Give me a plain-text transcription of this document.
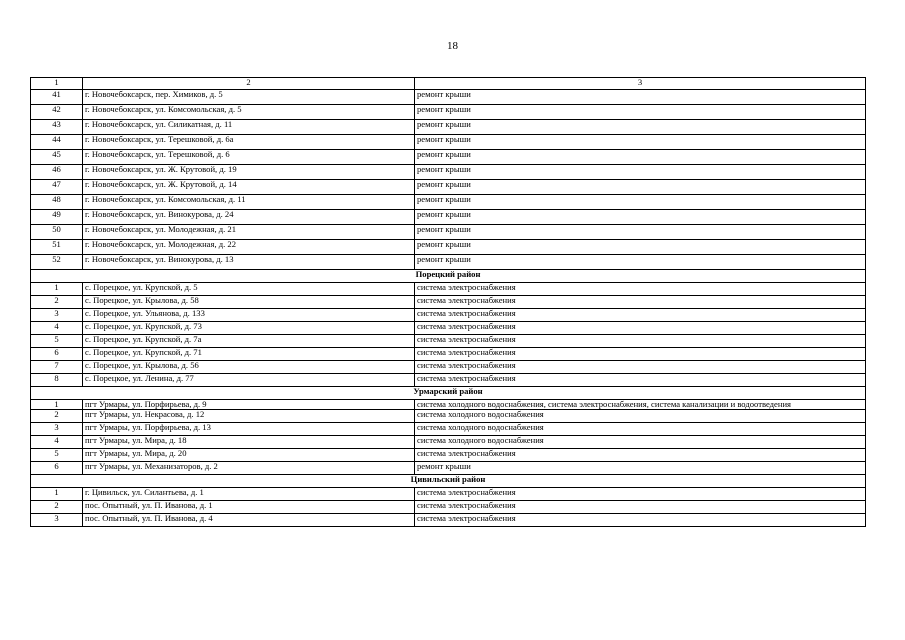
18
1	2	3
41	г. Новочебоксарск, пер. Химиков, д. 5	ремонт крыши
42	г. Новочебоксарск, ул. Комсомольская, д. 5	ремонт крыши
43	г. Новочебоксарск, ул. Силикатная, д. 11	ремонт крыши
44	г. Новочебоксарск, ул. Терешковой, д. 6а	ремонт крыши
45	г. Новочебоксарск, ул. Терешковой, д. 6	ремонт крыши
46	г. Новочебоксарск, ул. Ж. Крутовой, д. 19	ремонт крыши
47	г. Новочебоксарск, ул. Ж. Крутовой, д. 14	ремонт крыши
48	г. Новочебоксарск, ул. Комсомольская, д. 11	ремонт крыши
49	г. Новочебоксарск, ул. Винокурова, д. 24	ремонт крыши
50	г. Новочебоксарск, ул. Молодежная, д. 21	ремонт крыши
51	г. Новочебоксарск, ул. Молодежная, д. 22	ремонт крыши
52	г. Новочебоксарск, ул. Винокурова, д. 13	ремонт крыши
Порецкий район		
1	с. Порецкое, ул. Крупской, д. 5	система электроснабжения
2	с. Порецкое, ул. Крылова, д. 58	система электроснабжения
3	с. Порецкое, ул. Ульянова, д. 133	система электроснабжения
4	с. Порецкое, ул. Крупской, д. 73	система электроснабжения
5	с. Порецкое, ул. Крупской, д. 7а	система электроснабжения
6	с. Порецкое, ул. Крупской, д. 71	система электроснабжения
7	с. Порецкое, ул. Крылова, д. 56	система электроснабжения
8	с. Порецкое, ул. Ленина, д. 77	система электроснабжения
Урмарский район		
1	пгт Урмары, ул. Порфирьева, д. 9	система холодного водоснабжения, система электроснабжения, система канализации и водоотведения
2	пгт Урмары, ул. Некрасова, д. 12	система холодного водоснабжения
3	пгт Урмары, ул. Порфирьева, д. 13	система холодного водоснабжения
4	пгт Урмары, ул. Мира, д. 18	система холодного водоснабжения
5	пгт Урмары, ул. Мира, д. 20	система электроснабжения
6	пгт Урмары, ул. Механизаторов, д. 2	ремонт крыши
Цивильский район		
1	г. Цивильск, ул. Силантьева, д. 1	система электроснабжения
2	пос. Опытный, ул. П. Иванова, д. 1	система электроснабжения
3	пос. Опытный, ул. П. Иванова, д. 4	система электроснабжения
